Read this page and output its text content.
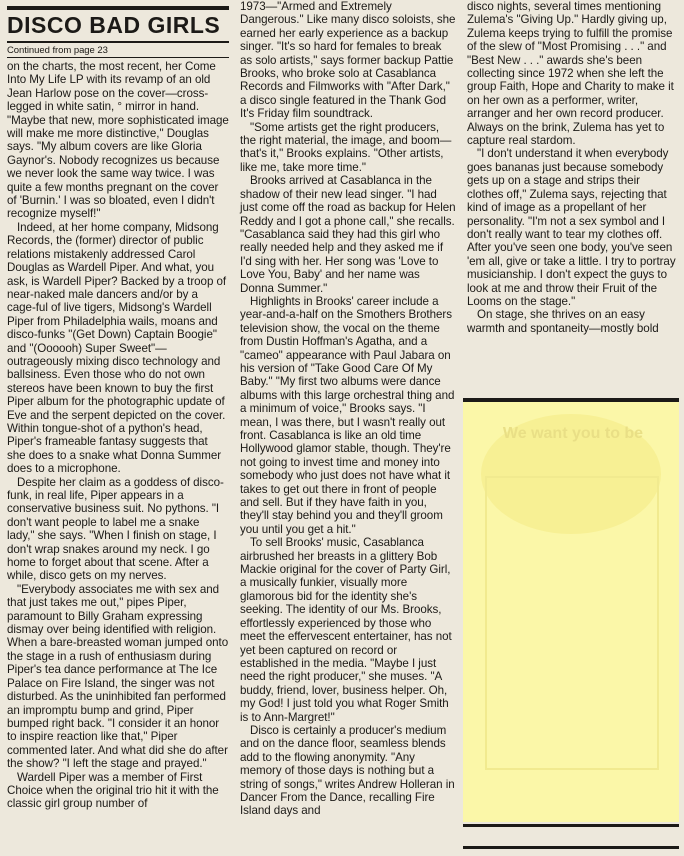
DISCO BAD GIRLS
Continued from page 23

on the charts, the most recent, her Come Into My Life LP with its revamp of an old Jean Harlow pose on the cover—cross-legged in white satin, ° mirror in hand. "Maybe that new, more sophisticated image will make me more distinctive," Douglas says. "My album covers are like Gloria Gaynor's. Nobody recognizes us because we never look the same way twice. I was quite a few months pregnant on the cover of 'Burnin.' I was so bloated, even I didn't recognize myself!"

Indeed, at her home company, Midsong Records, the (former) director of public relations mistakenly addressed Carol Douglas as Wardell Piper. And what, you ask, is Wardell Piper? Backed by a troop of near-naked male dancers and/or by a cage-ful of live tigers, Midsong's Wardell Piper from Philadelphia wails, moans and disco-funks "(Get Down) Captain Boogie" and "(Oooooh) Super Sweet"—outrageously mixing disco technology and ballsiness. Even those who do not own stereos have been known to buy the first Piper album for the photographic update of Eve and the serpent depicted on the cover. Within tongue-shot of a python's head, Piper's frameable fantasy suggests that she does to a snake what Donna Summer does to a microphone.

Despite her claim as a goddess of disco-funk, in real life, Piper appears in a conservative business suit. No pythons. "I don't want people to label me a snake lady," she says. "When I finish on stage, I don't wrap snakes around my neck. I go home to forget about that scene. After a while, disco gets on my nerves.

"Everybody associates me with sex and that just takes me out," pipes Piper, paramount to Billy Graham expressing dismay over being identified with religion. When a bare-breasted woman jumped onto the stage in a rush of enthusiasm during Piper's tea dance performance at The Ice Palace on Fire Island, the singer was not disturbed. As the uninhibited fan performed an impromptu bump and grind, Piper bumped right back. "I consider it an honor to inspire reaction like that," Piper commented later. And what did she do after the show? "I left the stage and prayed."

Wardell Piper was a member of First Choice when the original trio hit it with the classic girl group number of

1973—"Armed and Extremely Dangerous." Like many disco soloists, she earned her early experience as a backup singer. "It's so hard for females to break as solo artists," says former backup Pattie Brooks, who broke solo at Casablanca Records and Filmworks with "After Dark," a disco single featured in the Thank God It's Friday film soundtrack.

"Some artists get the right producers, the right material, the image, and boom—that's it," Brooks explains. "Other artists, like me, take more time."

Brooks arrived at Casablanca in the shadow of their new lead singer. "I had just come off the road as backup for Helen Reddy and I got a phone call," she recalls. "Casablanca said they had this girl who really needed help and they asked me if I'd sing with her. Her song was 'Love to Love You, Baby' and her name was Donna Summer."

Highlights in Brooks' career include a year-and-a-half on the Smothers Brothers television show, the vocal on the theme from Dustin Hoffman's Agatha, and a "cameo" appearance with Paul Jabara on his version of "Take Good Care Of My Baby." "My first two albums were dance albums with this large orchestral thing and a minimum of voice," Brooks says. "I mean, I was there, but I wasn't really out front. Casablanca is like an old time Hollywood glamor stable, though. They're not going to invest time and money into somebody who just does not have what it takes to get out there in front of people and sell. But if they have faith in you, they'll stay behind you and they'll groom you until you get a hit."

To sell Brooks' music, Casablanca airbrushed her breasts in a glittery Bob Mackie original for the cover of Party Girl, a musically funkier, visually more glamorous bid for the identity she's seeking. The identity of our Ms. Brooks, effortlessly experienced by those who meet the effervescent entertainer, has not yet been captured on record or established in the media. "Maybe I just need the right producer," she muses. "A buddy, friend, lover, business helper. Oh, my God! I just told you what Roger Smith is to Ann-Margret!"

Disco is certainly a producer's medium and on the dance floor, seamless blends add to the flowing anonymity. "Any memory of those days is nothing but a string of songs," writes Andrew Holleran in Dancer From the Dance, recalling Fire Island days and

disco nights, several times mentioning Zulema's "Giving Up." Hardly giving up, Zulema keeps trying to fulfill the promise of the slew of "Most Promising . . ." and "Best New . . ." awards she's been collecting since 1972 when she left the group Faith, Hope and Charity to make it on her own as a performer, writer, arranger and her own record producer. Always on the brink, Zulema has yet to capture real stardom.

"I don't understand it when everybody goes bananas just because somebody gets up on a stage and strips their clothes off," Zulema says, rejecting that kind of image as a propellant of her personality. "I'm not a sex symbol and I don't really want to tear my clothes off. After you've seen one body, you've seen 'em all, give or take a little. I try to portray musicianship. I don't expect the guys to look at me and throw their Fruit of the Looms on the stage."

On stage, she thrives on an easy warmth and spontaneity—mostly bold

We want you to be
